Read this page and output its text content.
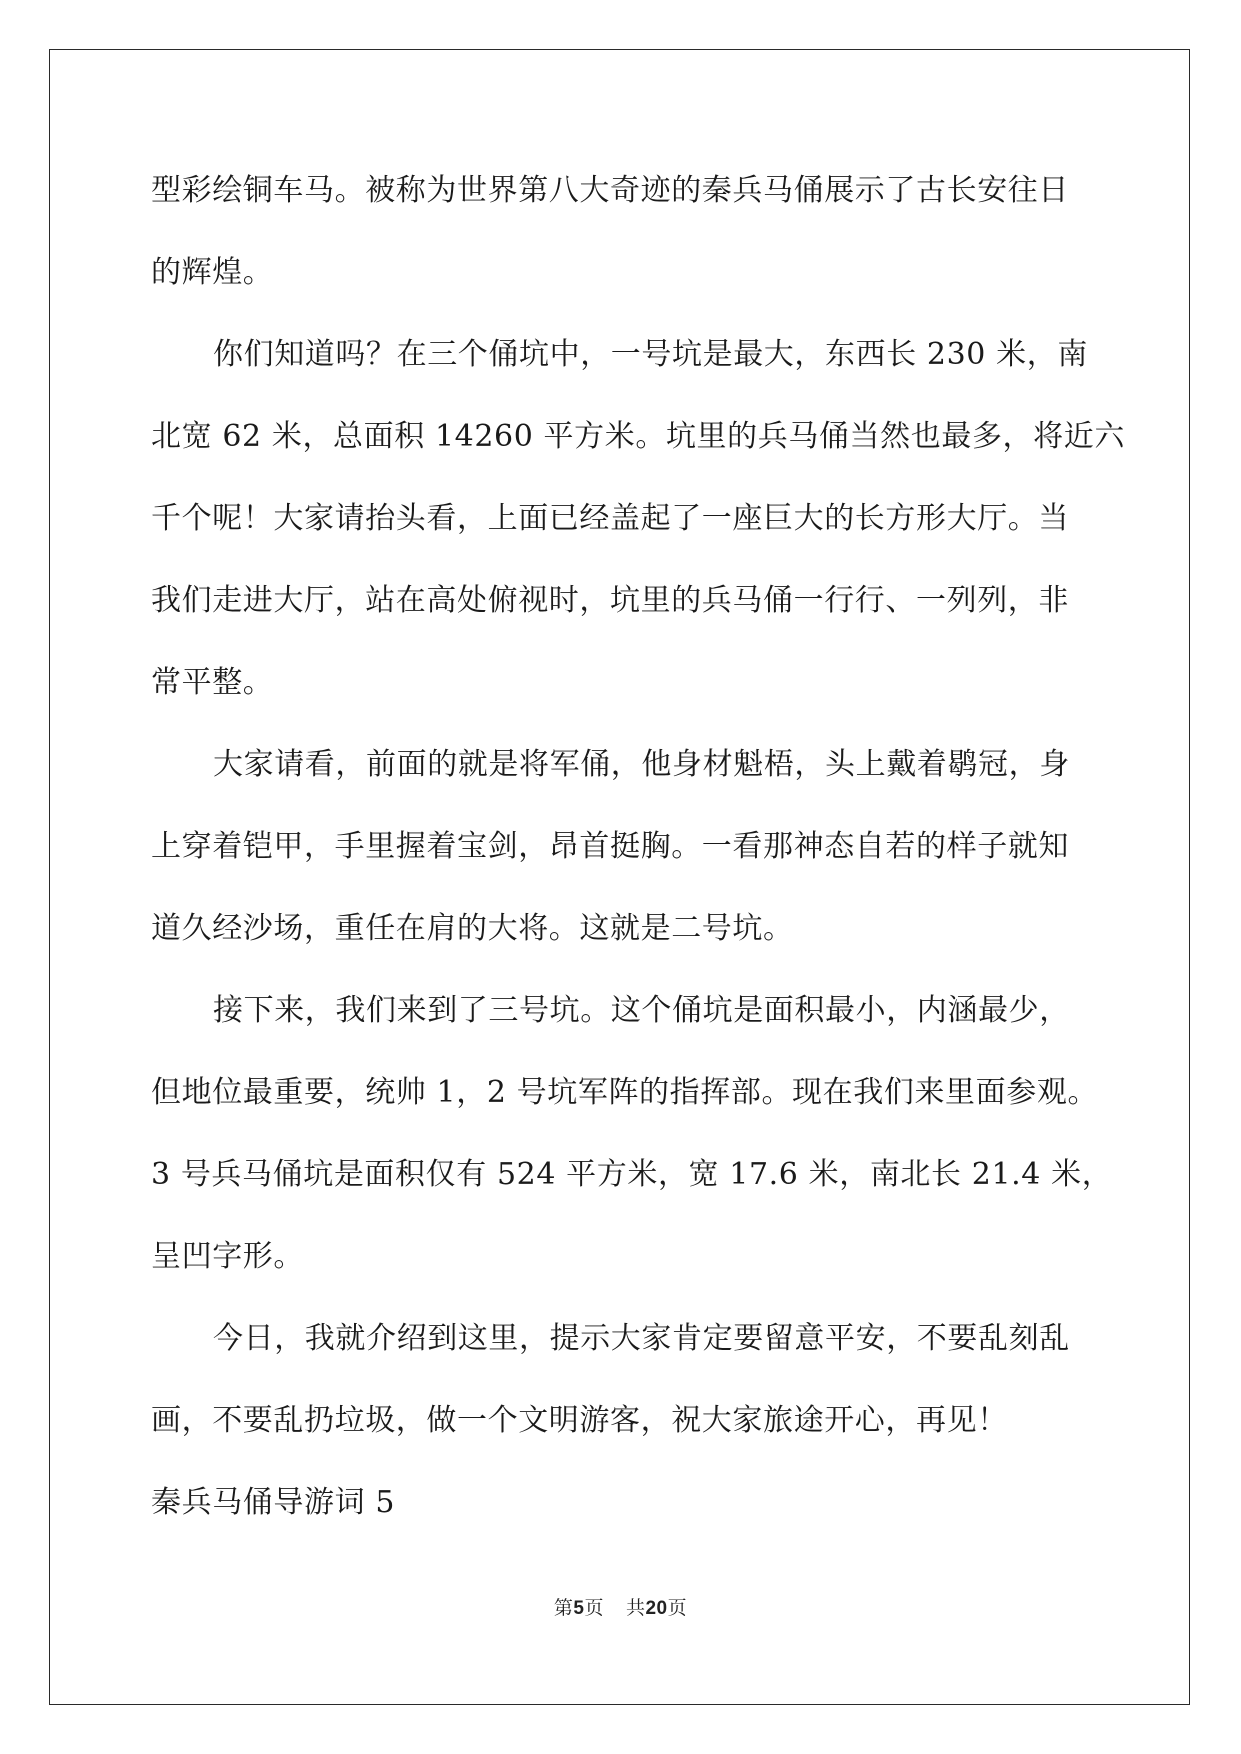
型彩绘铜车马。被称为世界第八大奇迹的秦兵马俑展示了古长安往日
的辉煌。
你们知道吗？在三个俑坑中，一号坑是最大，东西长 230 米，南
北宽 62 米，总面积 14260 平方米。坑里的兵马俑当然也最多，将近六
千个呢！大家请抬头看，上面已经盖起了一座巨大的长方形大厅。当
我们走进大厅，站在高处俯视时，坑里的兵马俑一行行、一列列，非
常平整。
大家请看，前面的就是将军俑，他身材魁梧，头上戴着鹖冠，身
上穿着铠甲，手里握着宝剑，昂首挺胸。一看那神态自若的样子就知
道久经沙场，重任在肩的大将。这就是二号坑。
接下来，我们来到了三号坑。这个俑坑是面积最小，内涵最少，
但地位最重要，统帅 1，2 号坑军阵的指挥部。现在我们来里面参观。
3 号兵马俑坑是面积仅有 524 平方米，宽 17.6 米，南北长 21.4 米，
呈凹字形。
今日，我就介绍到这里，提示大家肯定要留意平安，不要乱刻乱
画，不要乱扔垃圾，做一个文明游客，祝大家旅途开心，再见！
秦兵马俑导游词 5
第5页 共20页
